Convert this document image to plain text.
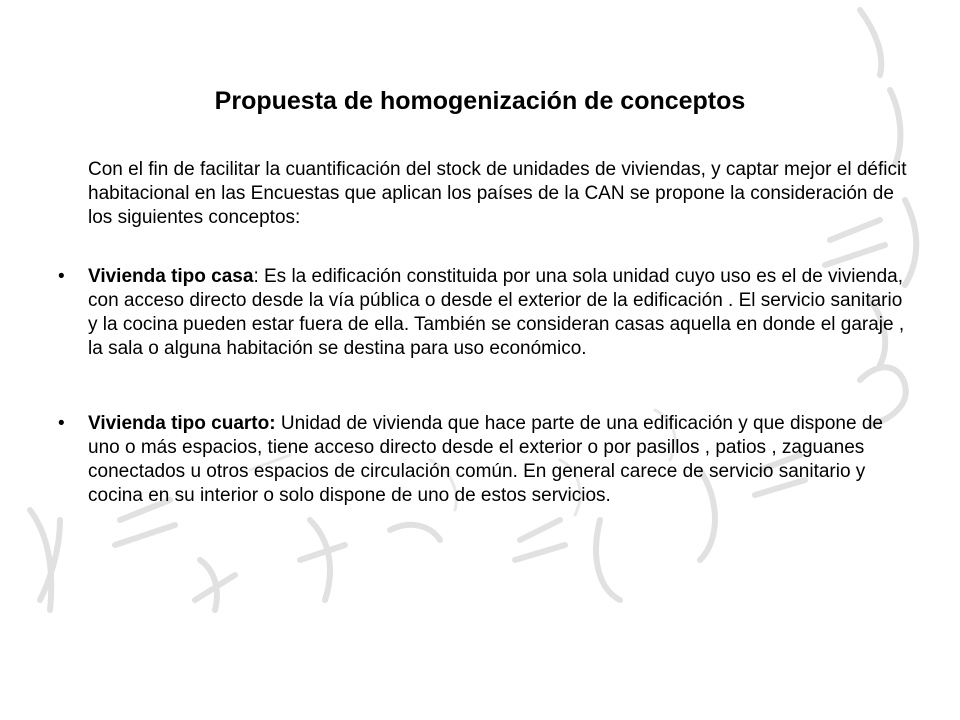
Propuesta de homogenización de conceptos
Con el fin de facilitar la cuantificación del stock de unidades de viviendas, y captar mejor el déficit habitacional en las Encuestas que aplican los países de la CAN se propone la consideración de los siguientes conceptos:
•	Vivienda tipo casa: Es la edificación constituida por una sola unidad cuyo uso es el de vivienda, con acceso directo desde la vía pública o desde el exterior de la edificación . El servicio sanitario y la cocina pueden estar fuera de ella. También se consideran casas aquella en donde el garaje , la sala o alguna habitación se destina para uso económico.
•	Vivienda tipo cuarto: Unidad de vivienda que hace parte de una edificación y que dispone de uno o más espacios, tiene acceso directo desde el exterior o por pasillos , patios , zaguanes conectados u otros espacios de circulación común. En general carece de servicio sanitario y cocina en su interior o solo dispone de uno de estos servicios.
